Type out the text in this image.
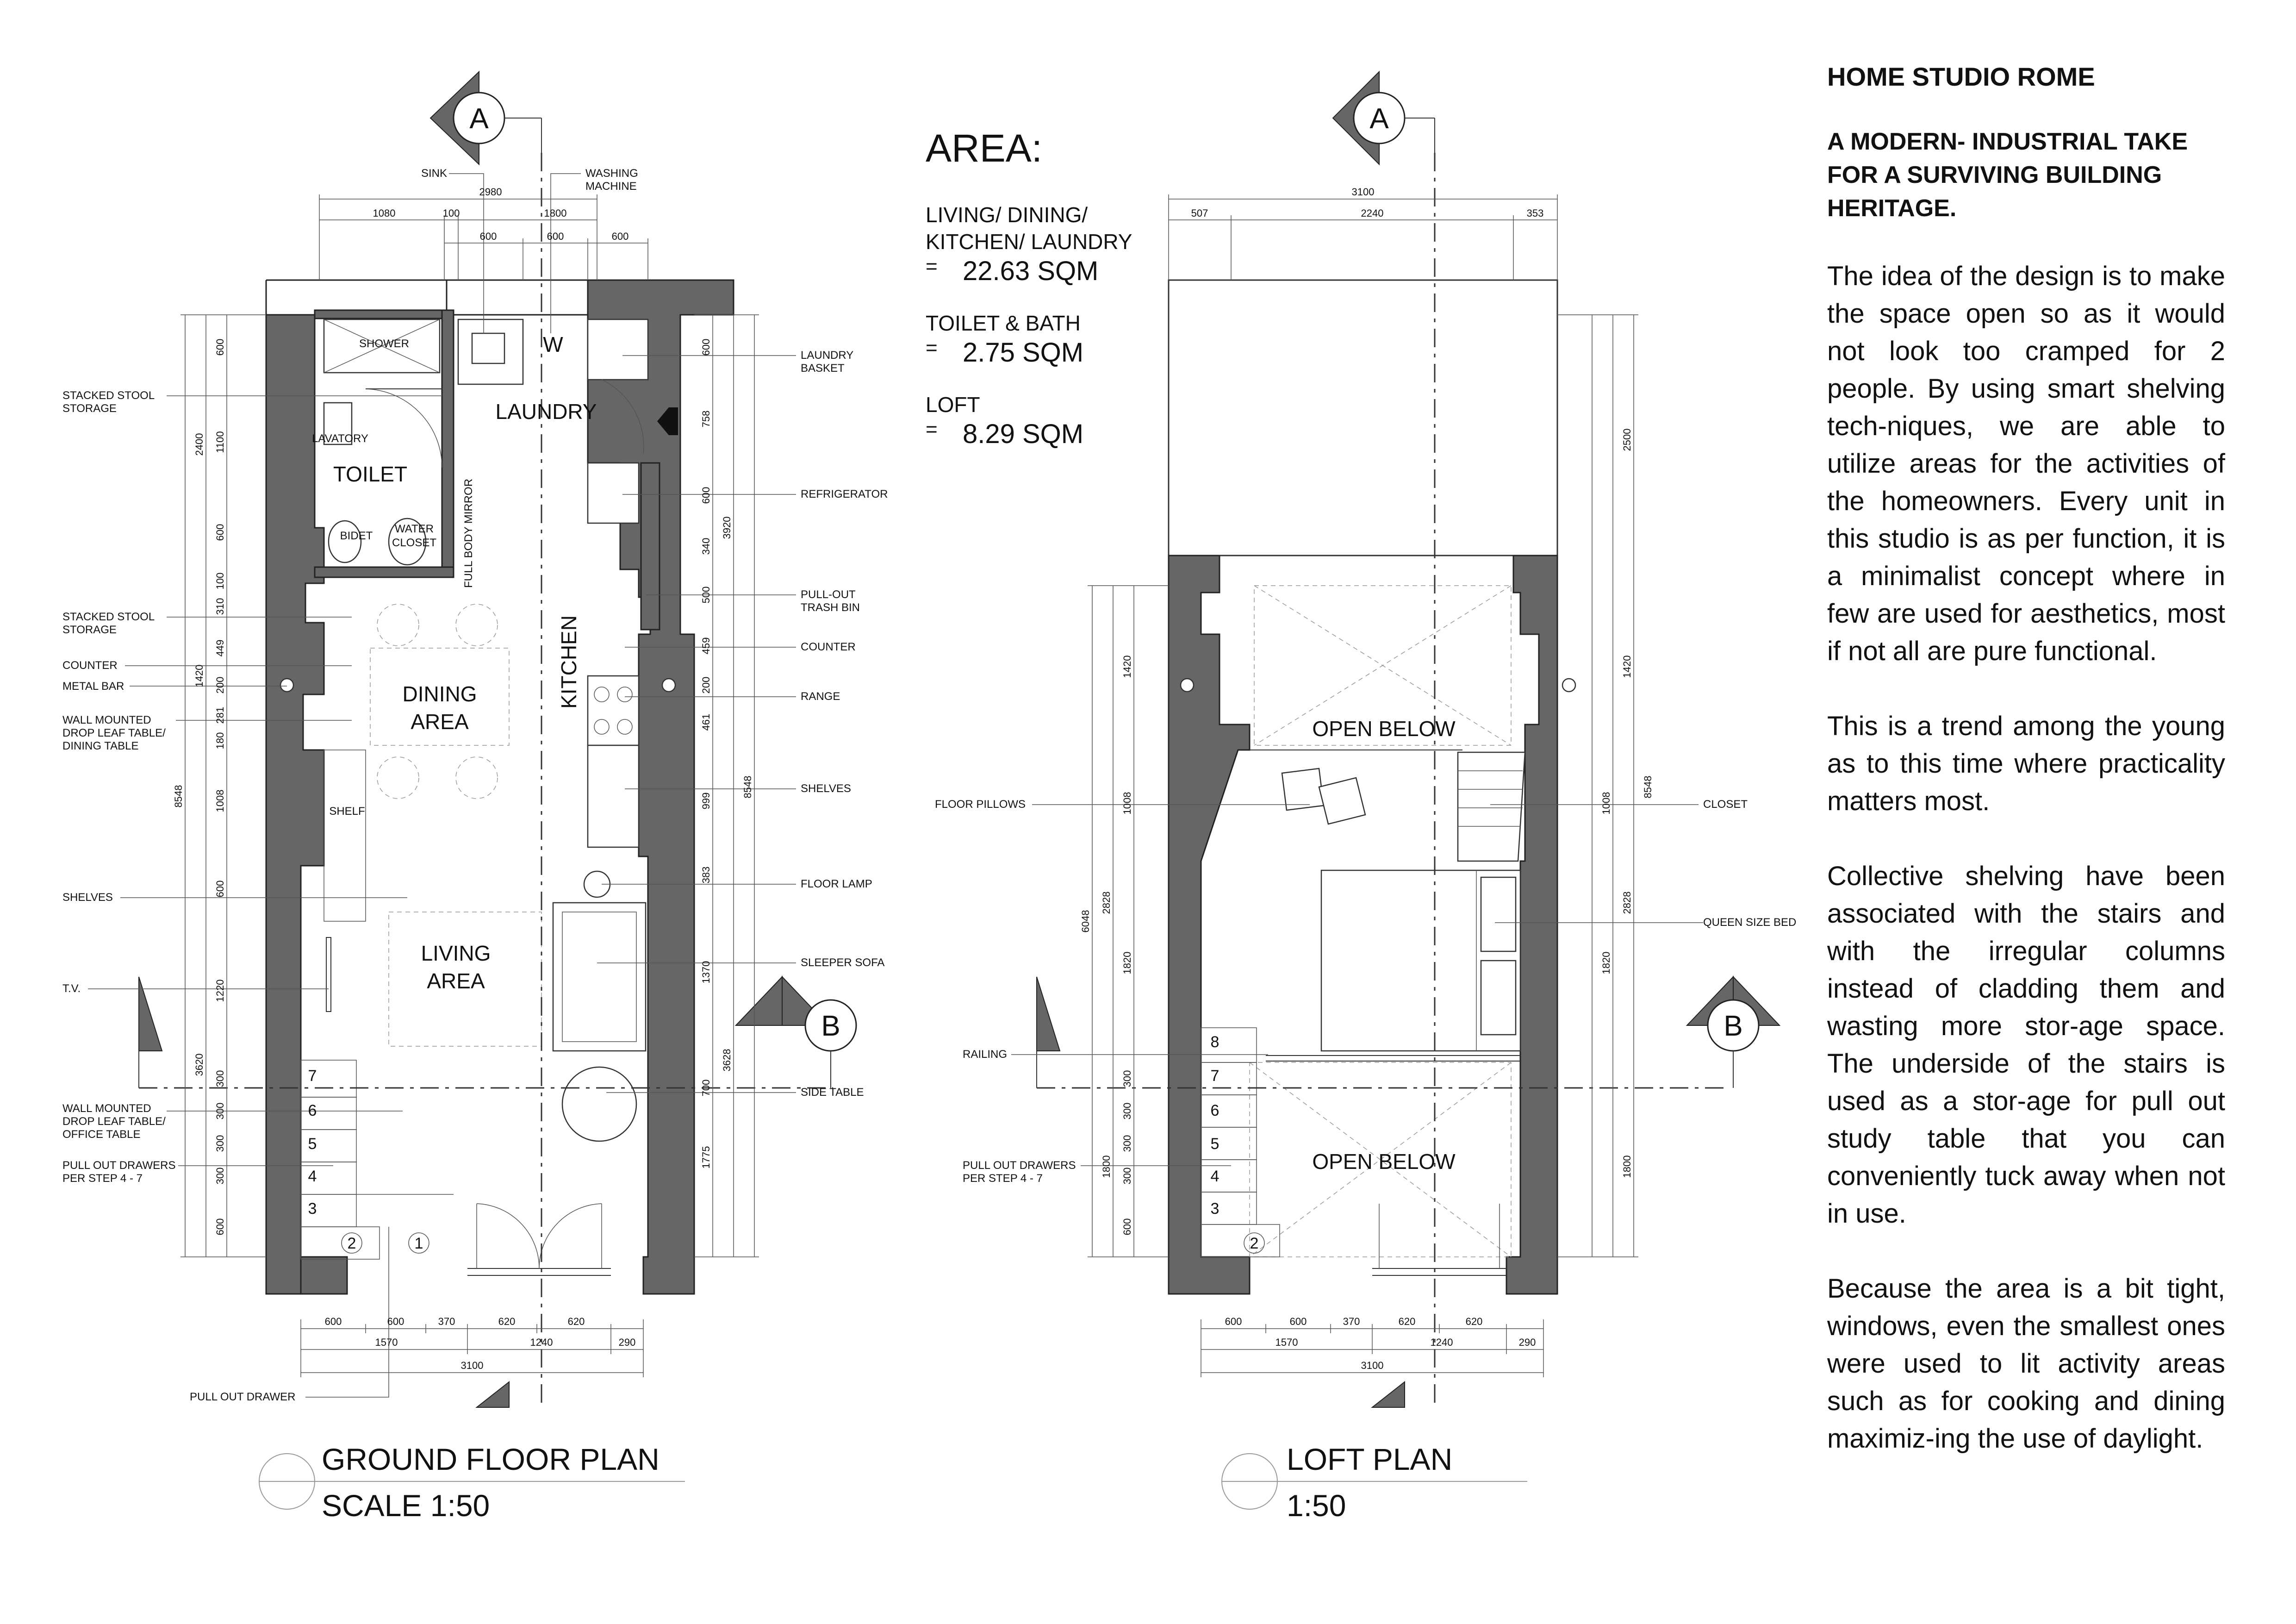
A
B
TOILET
LAUNDRY
KITCHEN
DINING
AREA
LIVING
AREA
SHOWER
LAVATORY
BIDET
WATER
CLOSET FULL BODY MIRROR
SHELF
W
SINK	WASHING
MACHINE
STACKED STOOL
STORAGE
STACKED STOOL
STORAGE
COUNTER
METAL BAR
WALL MOUNTED
DROP LEAF TABLE/
DINING TABLE
SHELVES
T.V.
WALL MOUNTED
DROP LEAF TABLE/
OFFICE TABLE
PULL OUT DRAWERS
PER STEP 4 - 7
LAUNDRY
BASKET
REFRIGERATOR
PULL-OUT
TRASH BIN
COUNTER
RANGE
SHELVES
FLOOR LAMP
SLEEPER SOFA
SIDE TABLE
PULL OUT DRAWER
1
2
3
4
5
6
7
2980
1080	100	1800
600	600	600
600	600	370	620	620
1570	1240	290
3100
8548
2400
1420
3620
600
1100
600
100
310
449
200
281
180
1008
600
1220
300
300
300
300
600
600
758
600
340
500
459
200
461
999
383
1370
700
1775
3920
3628
8548
GROUND FLOOR PLAN
SCALE 1:50
A
B
OPEN BELOW
OPEN BELOW
FLOOR PILLOWS
RAILING
PULL OUT DRAWERS
PER STEP 4 - 7
CLOSET
QUEEN SIZE BED
2
3
4
5
6
7
8
3100
507	2240	353
600	600	370	620	620
1570	1240	290
3100
1420
1008
2828
1820
300
300
300
300
600
1800
6048
2500
1420
1008
2828
1820
1800
8548
LOFT PLAN
1:50
AREA:
LIVING/ DINING/
KITCHEN/ LAUNDRY
= 22.63 SQM
TOILET & BATH
= 2.75 SQM
LOFT
= 8.29 SQM
HOME STUDIO ROME
A MODERN- INDUSTRIAL TAKE FOR A SURVIVING BUILDING HERITAGE.
The idea of the design is to make the space open so as it would not look too cramped for 2 people. By using smart shelving tech-niques, we are able to utilize areas for the activities of the homeowners. Every unit in this studio is as per function, it is a minimalist concept where in few are used for aesthetics, most if not all are pure functional.
This is a trend among the young as to this time where practicality matters most.
Collective shelving have been associated with the stairs and with the irregular columns instead of cladding them and wasting more stor-age space. The underside of the stairs is used as a stor-age for pull out study table that you can conveniently tuck away when not in use.
Because the area is a bit tight, windows, even the smallest ones were used to lit activity areas such as for cooking and dining maximiz-ing the use of daylight.
